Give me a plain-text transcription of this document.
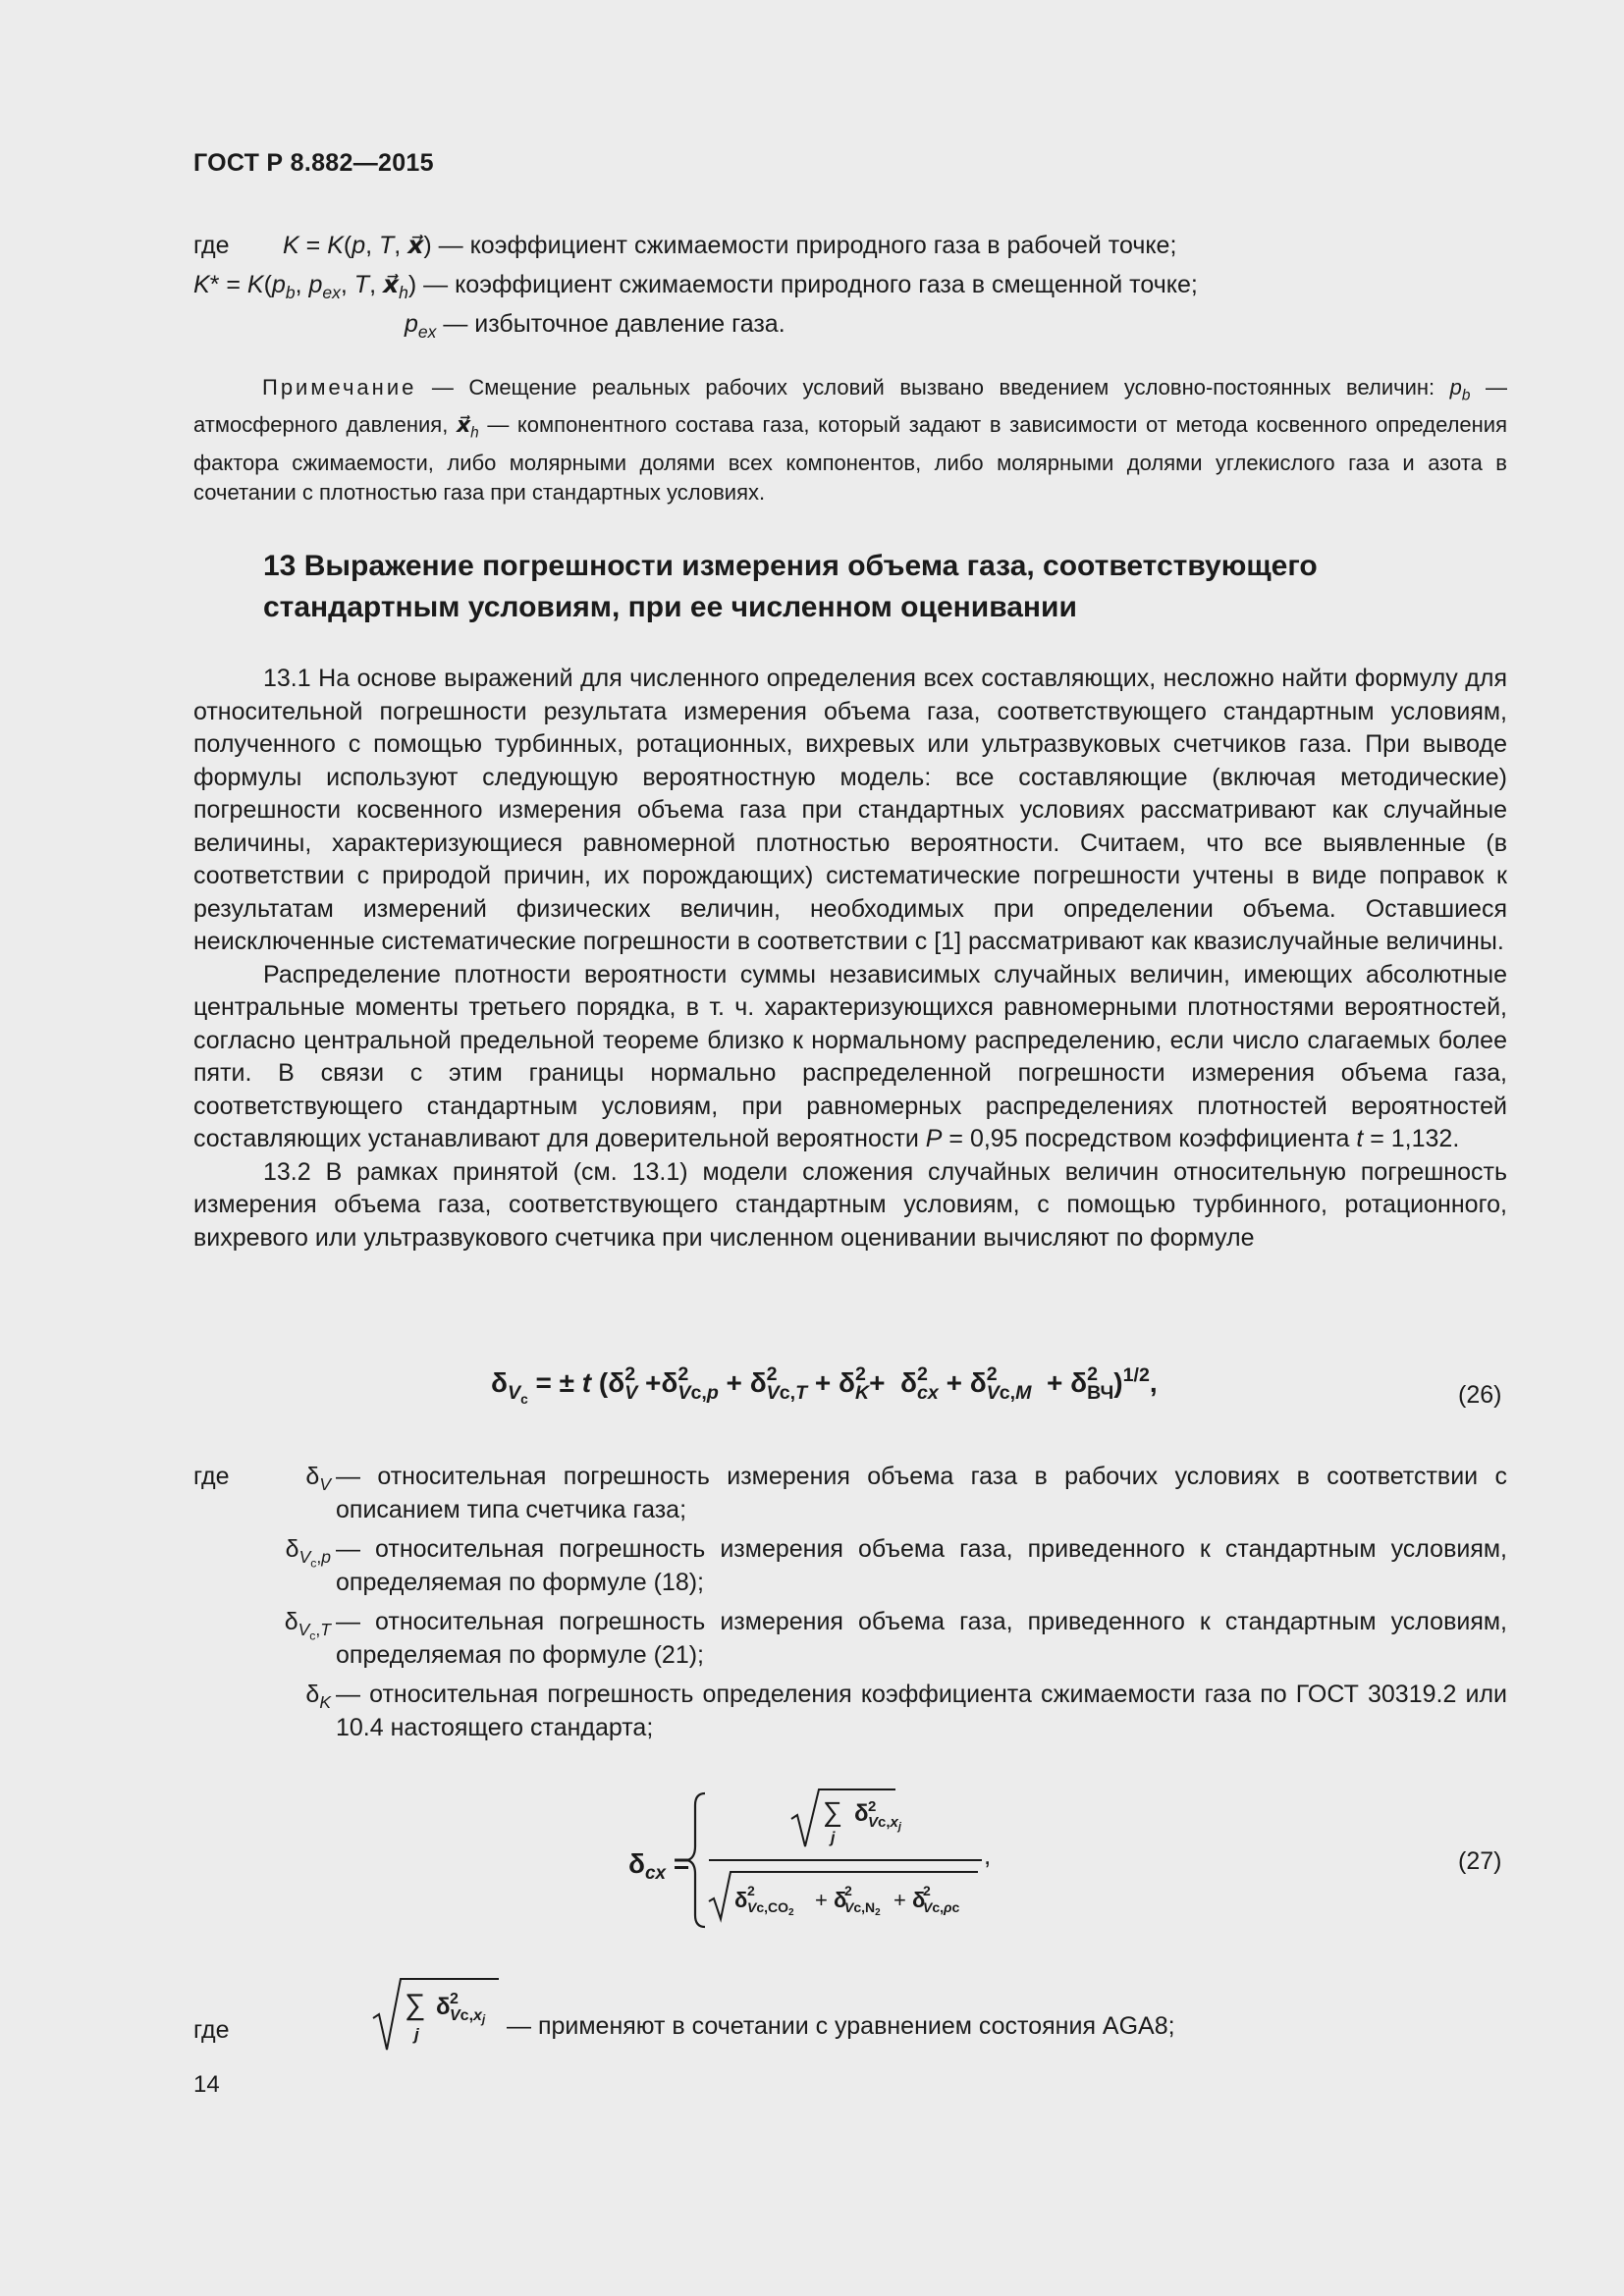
ГОСТ Р 8.882—2015
где K = K(p, T, x⃗) — коэффициент сжимаемости природного газа в рабочей точке;
$K* = K(p_b$, $p_{ex}$, T, $x⃗_h$) — коэффициент сжимаемости природного газа в смещенной точке;
$p_{ex}$ — избыточное давление газа.
Примечание — Смещение реальных рабочих условий вызвано введением условно-постоянных величин: $p_b$ — атмосферного давления, $x⃗_h$ — компонентного состава газа, который задают в зависимости от метода косвенного определения фактора сжимаемости, либо молярными долями всех компонентов, либо молярными долями углекислого газа и азота в сочетании с плотностью газа при стандартных условиях.
13 Выражение погрешности измерения объема газа, соответствующего стандартным условиям, при ее численном оценивании

13.1 На основе выражений для численного определения всех составляющих, несложно найти формулу для относительной погрешности результата измерения объема газа, соответствующего стандартным условиям, полученного с помощью турбинных, ротационных, вихревых или ультразвуковых счетчиков газа. При выводе формулы используют следующую вероятностную модель: все составляющие (включая методические) погрешности косвенного измерения объема газа при стандартных условиях рассматривают как случайные величины, характеризующиеся равномерной плотностью вероятности. Считаем, что все выявленные (в соответствии с природой причин, их порождающих) систематические погрешности учтены в виде поправок к результатам измерений физических величин, необходимых при определении объема. Оставшиеся неисключенные систематические погрешности в соответствии с [1] рассматривают как квазислучайные величины.

Распределение плотности вероятности суммы независимых случайных величин, имеющих абсолютные центральные моменты третьего порядка, в т. ч. характеризующихся равномерными плотностями вероятностей, согласно центральной предельной теореме близко к нормальному распределению, если число слагаемых более пяти. В связи с этим границы нормально распределенной погрешности измерения объема газа, соответствующего стандартным условиям, при равномерных распределениях плотностей вероятностей составляющих устанавливают для доверительной вероятности P = 0,95 посредством коэффициента t = 1,132.

13.2 В рамках принятой (см. 13.1) модели сложения случайных величин относительную погрешность измерения объема газа, соответствующего стандартным условиям, с помощью турбинного, ротационного, вихревого или ультразвукового счетчика при численном оценивании вычисляют по формуле

$\delta_{V_c}$ = ± t (δ 2
V +δ 2
Vc,p + δ 2
Vc,T + δ 2
K +  δ 2
cx + δ 2
Vc,M + δ 2
ВЧ )$^{1/2}$,	(26)
где	$\delta_V$ — относительная погрешность измерения объема газа в рабочих условиях в соответствии с описанием типа счетчика газа;
$\delta_{V_c,p}$ — относительная погрешность измерения объема газа, приведенного к стандартным условиям, определяемая по формуле (18);
$\delta_{V_c,T}$ — относительная погрешность измерения объема газа, приведенного к стандартным условиям, определяемая по формуле (21);
$\delta_K$ — относительная погрешность определения коэффициента сжимаемости газа по ГОСТ 30319.2 или 10.4 настоящего стандарта;
$\delta_{cx}$ =
∑
j
δ 2
$Vc,x_j$
,
δ 2
$Vc,CO_2$
+ δ
2
$Vc,N_2$
+ δ
2
Vc,ρc
(27)
где
∑
j
δ 2
Vc,xj — применяют в сочетании с уравнением состояния AGA8;
14
